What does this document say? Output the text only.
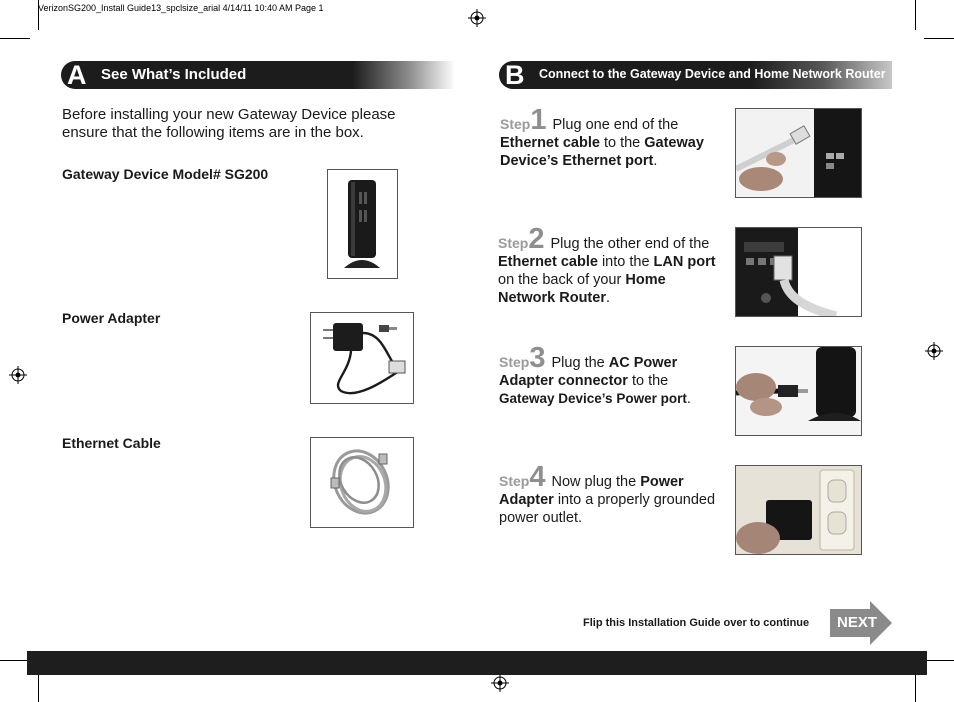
VerizonSG200_Install Guide13_spclsize_arial 4/14/11 10:40 AM Page 1
A See What’s Included
Before installing your new Gateway Device please ensure that the following items are in the box.
Gateway Device Model# SG200
Power Adapter
Ethernet Cable
B Connect to the Gateway Device and Home Network Router
Step1 Plug one end of the
Ethernet cable to the Gateway Device’s Ethernet port.
Step2 Plug the other end of the Ethernet cable into the LAN port on the back of your Home Network Router.
Step3 Plug the AC Power Adapter connector to the Gateway Device’s Power port.
Step4 Now plug the Power Adapter into a properly grounded power outlet.
Flip this Installation Guide over to continue NEXT
